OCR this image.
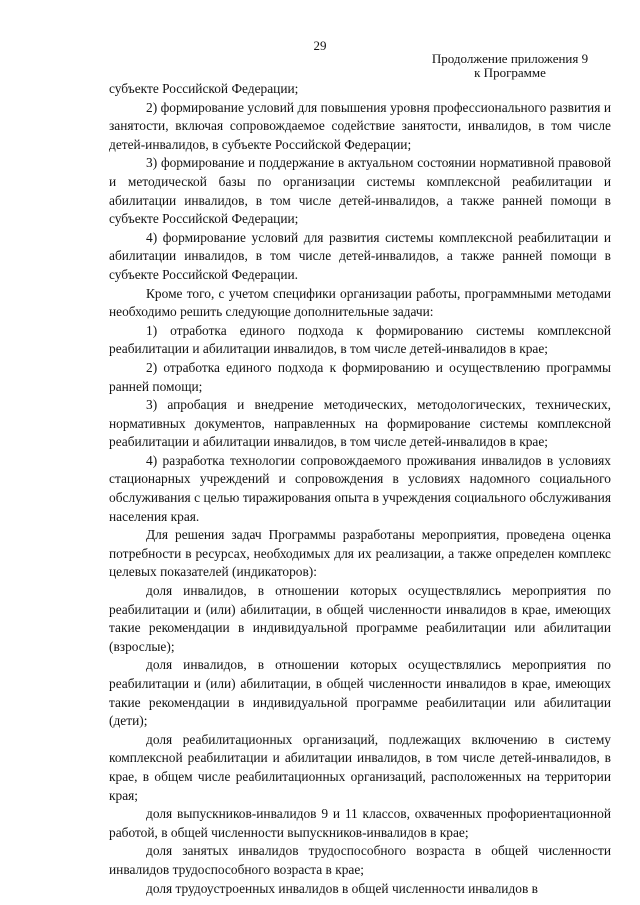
29
Продолжение приложения 9
к Программе

субъекте Российской Федерации;

2) формирование условий для повышения уровня профессионального развития и занятости, включая сопровождаемое содействие занятости, инвалидов, в том числе детей-инвалидов, в субъекте Российской Федерации;

3) формирование и поддержание в актуальном состоянии нормативной правовой и методической базы по организации системы комплексной реабилитации и абилитации инвалидов, в том числе детей-инвалидов, а также ранней помощи в субъекте Российской Федерации;

4) формирование условий для развития системы комплексной реабилитации и абилитации инвалидов, в том числе детей-инвалидов, а также ранней помощи в субъекте Российской Федерации.

Кроме того, с учетом специфики организации работы, программными методами необходимо решить следующие дополнительные задачи:

1) отработка единого подхода к формированию системы комплексной реабилитации и абилитации инвалидов, в том числе детей-инвалидов в крае;

2) отработка единого подхода к формированию и осуществлению программы ранней помощи;

3) апробация и внедрение методических, методологических, технических, нормативных документов, направленных на формирование системы комплексной реабилитации и абилитации инвалидов, в том числе детей-инвалидов в крае;

4) разработка технологии сопровождаемого проживания инвалидов в условиях стационарных учреждений и сопровождения в условиях надомного социального обслуживания с целью тиражирования опыта в учреждения социального обслуживания населения края.

Для решения задач Программы разработаны мероприятия, проведена оценка потребности в ресурсах, необходимых для их реализации, а также определен комплекс целевых показателей (индикаторов):

доля инвалидов, в отношении которых осуществлялись мероприятия по реабилитации и (или) абилитации, в общей численности инвалидов в крае, имеющих такие рекомендации в индивидуальной программе реабилитации или абилитации (взрослые);

доля инвалидов, в отношении которых осуществлялись мероприятия по реабилитации и (или) абилитации, в общей численности инвалидов в крае, имеющих такие рекомендации в индивидуальной программе реабилитации или абилитации (дети);

доля реабилитационных организаций, подлежащих включению в систему комплексной реабилитации и абилитации инвалидов, в том числе детей-инвалидов, в крае, в общем числе реабилитационных организаций, расположенных на территории края;

доля выпускников-инвалидов 9 и 11 классов, охваченных профориентационной работой, в общей численности выпускников-инвалидов в крае;

доля занятых инвалидов трудоспособного возраста в общей численности инвалидов трудоспособного возраста в крае;

доля трудоустроенных инвалидов в общей численности инвалидов в
